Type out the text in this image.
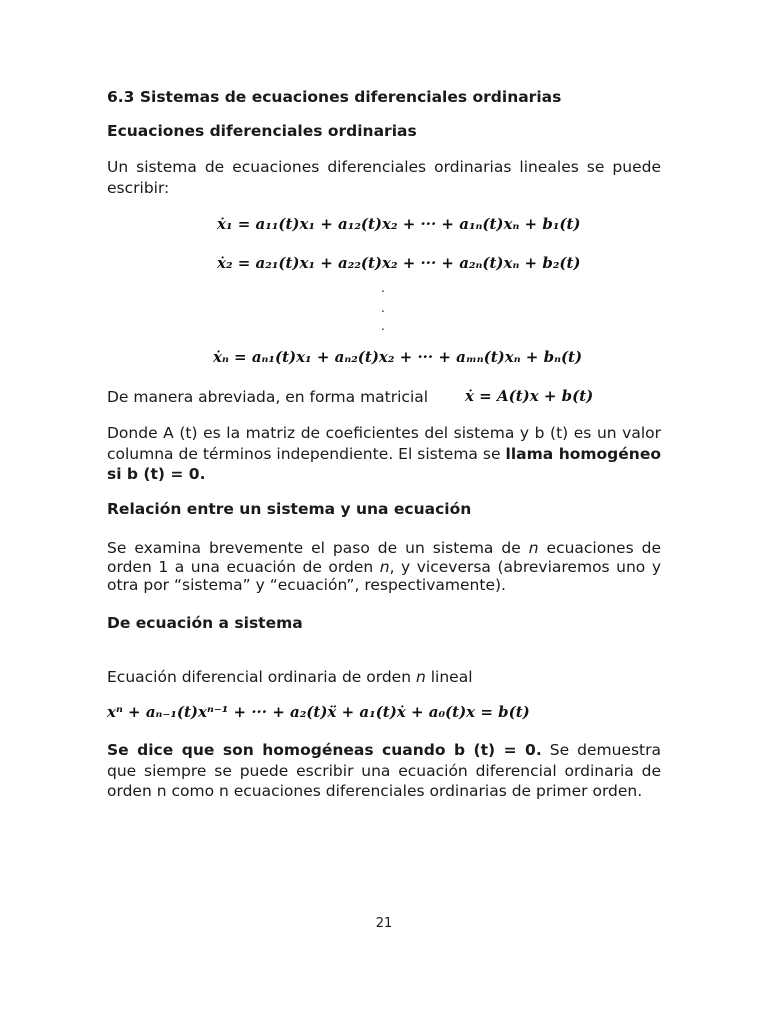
6.3 Sistemas de ecuaciones diferenciales ordinarias
Ecuaciones diferenciales ordinarias
Un sistema de ecuaciones diferenciales ordinarias lineales se puede escribir:
ẋ₁ = a₁₁(t)x₁ + a₁₂(t)x₂ + ··· + a₁ₙ(t)xₙ + b₁(t)
ẋ₂ = a₂₁(t)x₁ + a₂₂(t)x₂ + ··· + a₂ₙ(t)xₙ + b₂(t)
.
.
.
ẋₙ = aₙ₁(t)x₁ + aₙ₂(t)x₂ + ··· + aₘₙ(t)xₙ + bₙ(t)
De manera abreviada, en forma matricial ẋ = A(t)x + b(t)
Donde A (t) es la matriz de coeficientes del sistema y b (t) es un valor columna de términos independiente. El sistema se llama homogéneo si b (t) = 0.
Relación entre un sistema y una ecuación
Se examina brevemente el paso de un sistema de n ecuaciones de orden 1 a una ecuación de orden n, y viceversa (abreviaremos uno y otra por “sistema” y “ecuación”, respectivamente).
De ecuación a sistema
Ecuación diferencial ordinaria de orden n lineal
xⁿ + aₙ₋₁(t)xⁿ⁻¹ + ··· + a₂(t)ẍ + a₁(t)ẋ + a₀(t)x = b(t)
Se dice que son homogéneas cuando b (t) = 0. Se demuestra que siempre se puede escribir una ecuación diferencial ordinaria de orden n como n ecuaciones diferenciales ordinarias de primer orden.
21
